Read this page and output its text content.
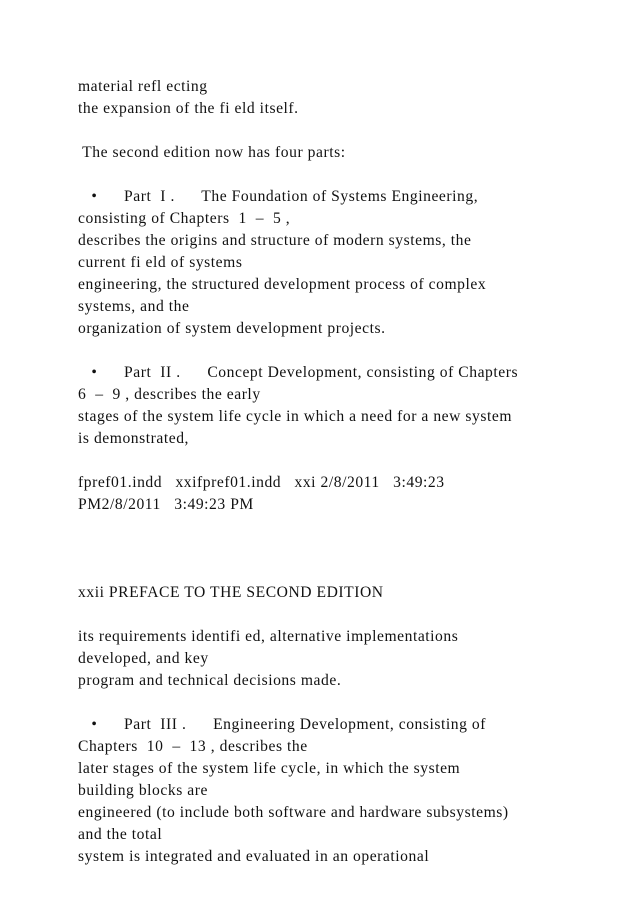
material refl ecting
the expansion of the fi eld itself.
The second edition now has four parts:
•      Part  I .      The Foundation of Systems Engineering,
consisting of Chapters  1  –  5 ,
describes the origins and structure of modern systems, the
current fi eld of systems
engineering, the structured development process of complex
systems, and the
organization of system development projects.
•      Part  II .      Concept Development, consisting of Chapters
6  –  9 , describes the early
stages of the system life cycle in which a need for a new system
is demonstrated,
fpref01.indd   xxifpref01.indd   xxi 2/8/2011   3:49:23
PM2/8/2011   3:49:23 PM
xxii PREFACE TO THE SECOND EDITION
its requirements identifi ed, alternative implementations
developed, and key
program and technical decisions made.
•      Part  III .      Engineering Development, consisting of
Chapters  10  –  13 , describes the
later stages of the system life cycle, in which the system
building blocks are
engineered (to include both software and hardware subsystems)
and the total
system is integrated and evaluated in an operational
